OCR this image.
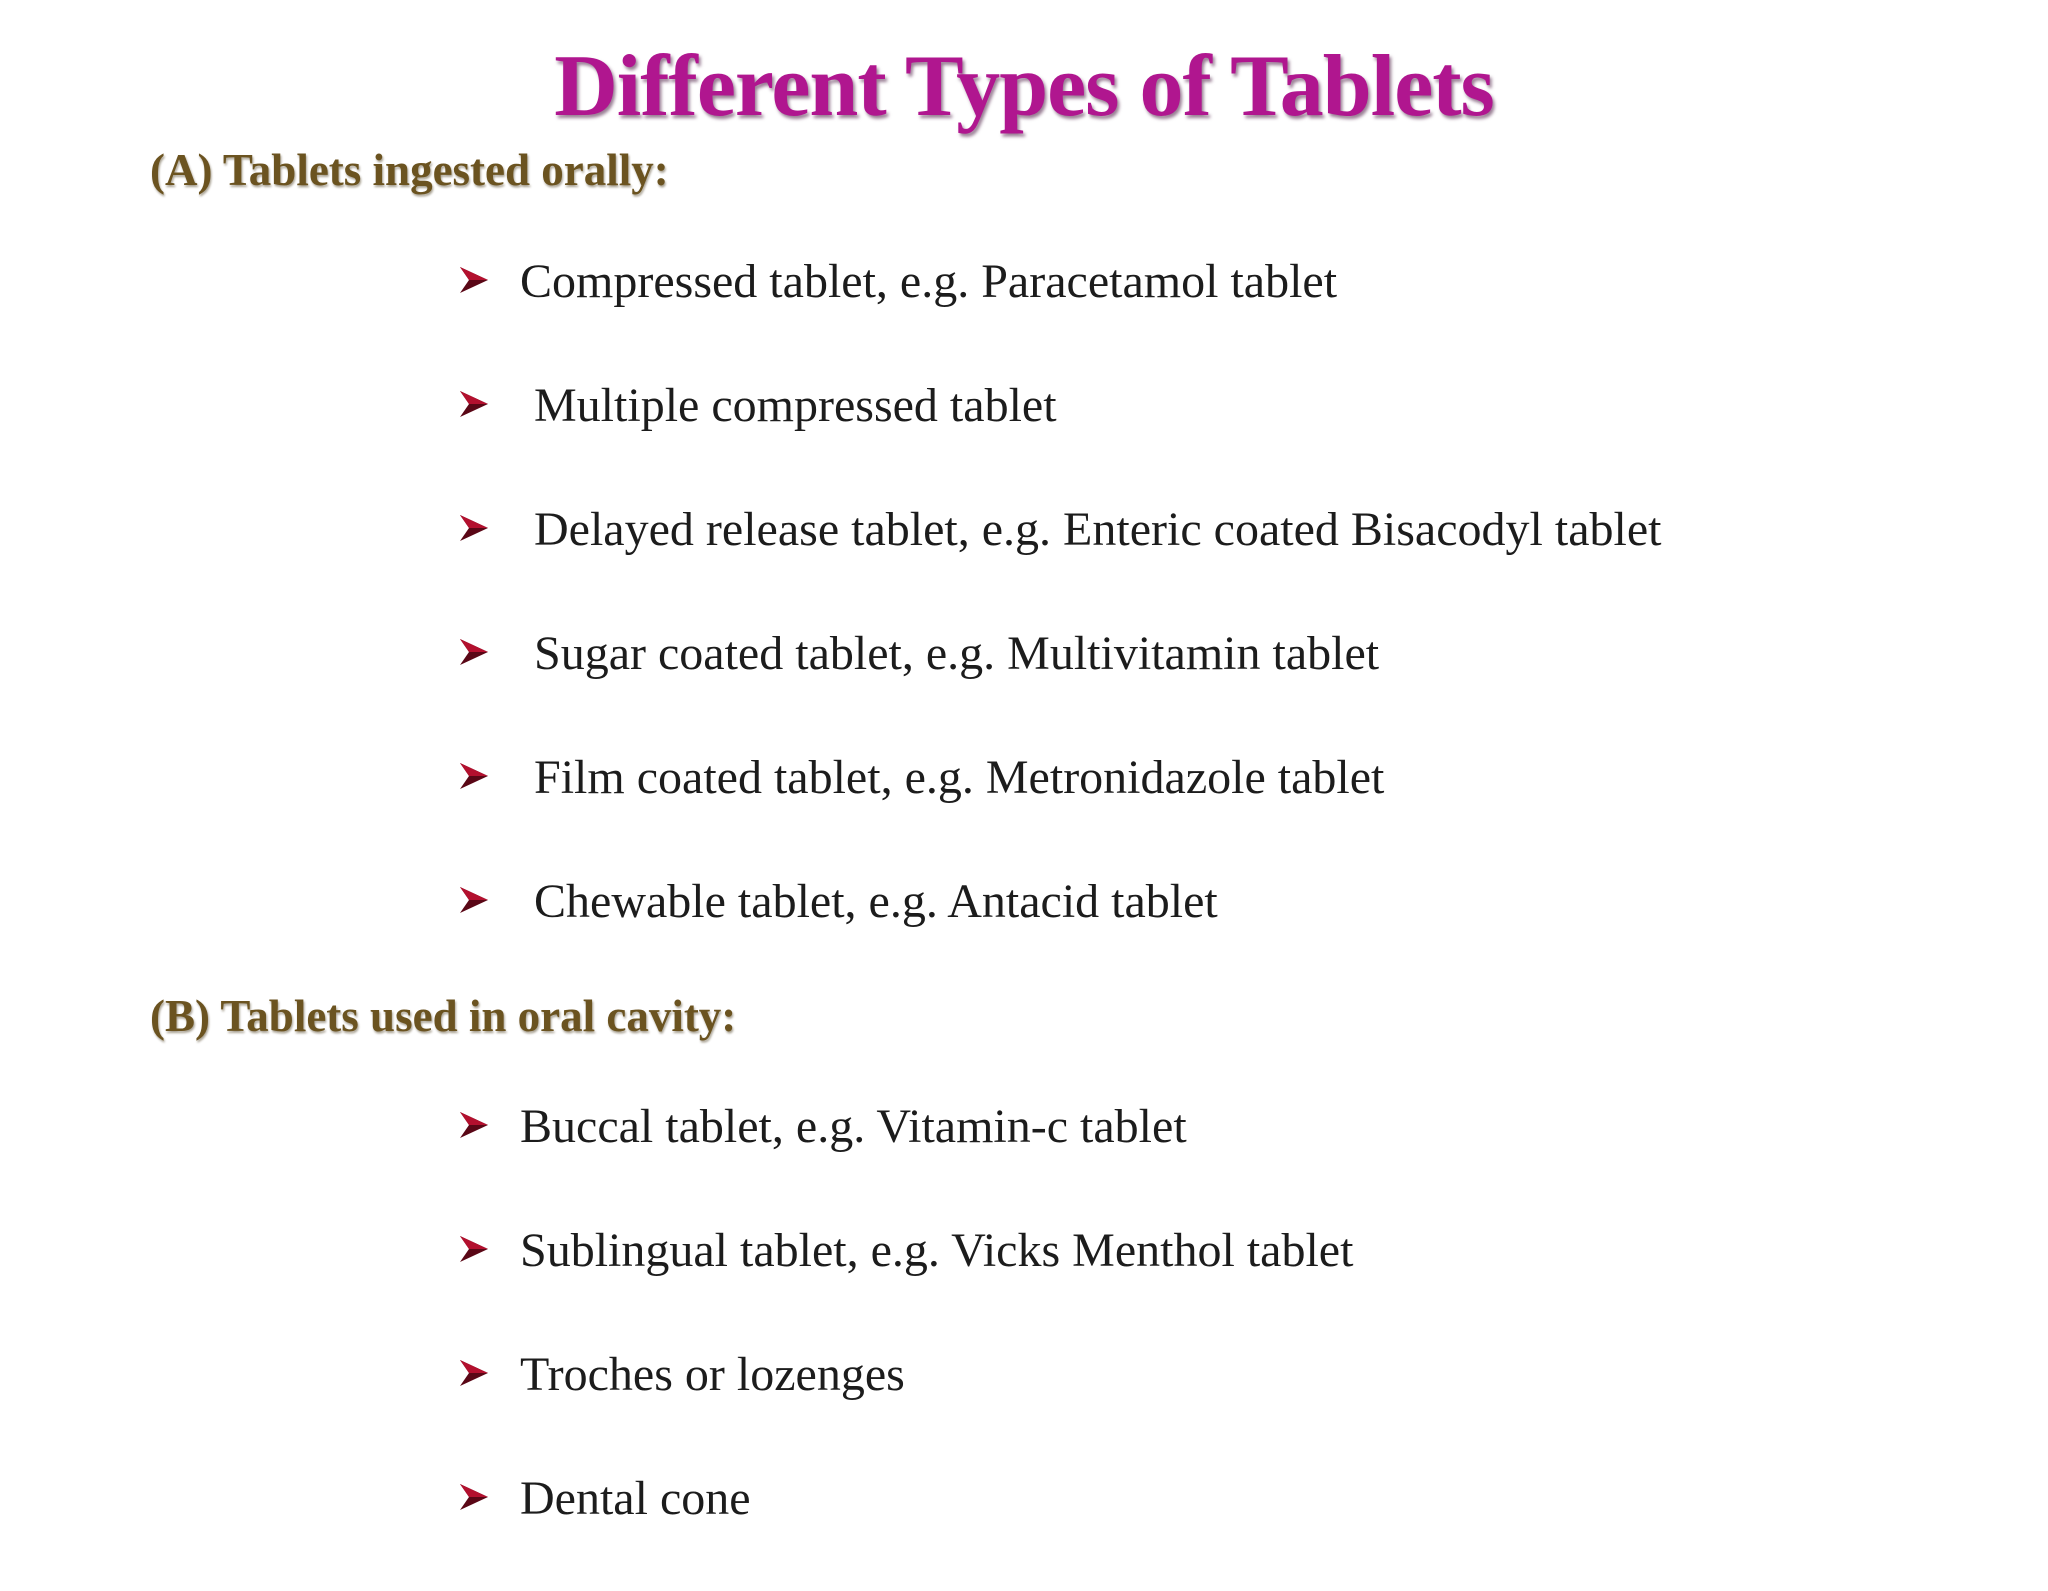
Different Types of Tablets
(A) Tablets ingested orally:
Compressed tablet, e.g. Paracetamol tablet
Multiple compressed tablet
Delayed release tablet, e.g. Enteric coated Bisacodyl tablet
Sugar coated tablet, e.g. Multivitamin tablet
Film coated tablet, e.g. Metronidazole tablet
Chewable tablet, e.g. Antacid tablet
(B) Tablets used in oral cavity:
Buccal tablet, e.g. Vitamin-c tablet
Sublingual tablet, e.g. Vicks Menthol tablet
Troches or lozenges
Dental cone
